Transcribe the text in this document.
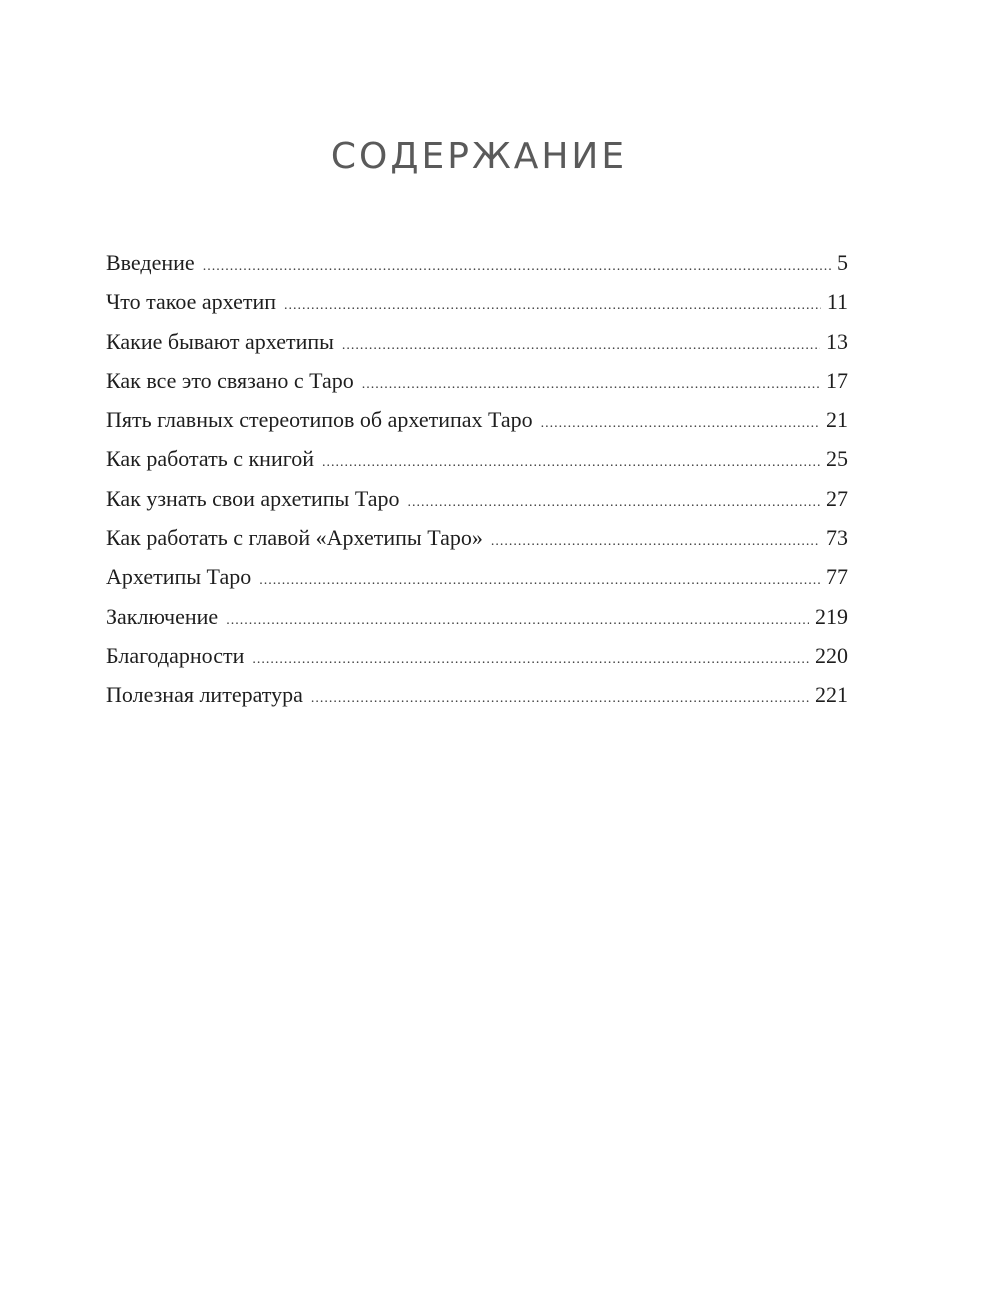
СОДЕРЖАНИЕ
Введение .....	5
Что такое архетип .....	11
Какие бывают архетипы .....	13
Как все это связано с Таро .....	17
Пять главных стереотипов об архетипах Таро .....	21
Как работать с книгой .....	25
Как узнать свои архетипы Таро .....	27
Как работать с главой «Архетипы Таро» .....	73
Архетипы Таро .....	77
Заключение .....	219
Благодарности .....	220
Полезная литература .....	221
